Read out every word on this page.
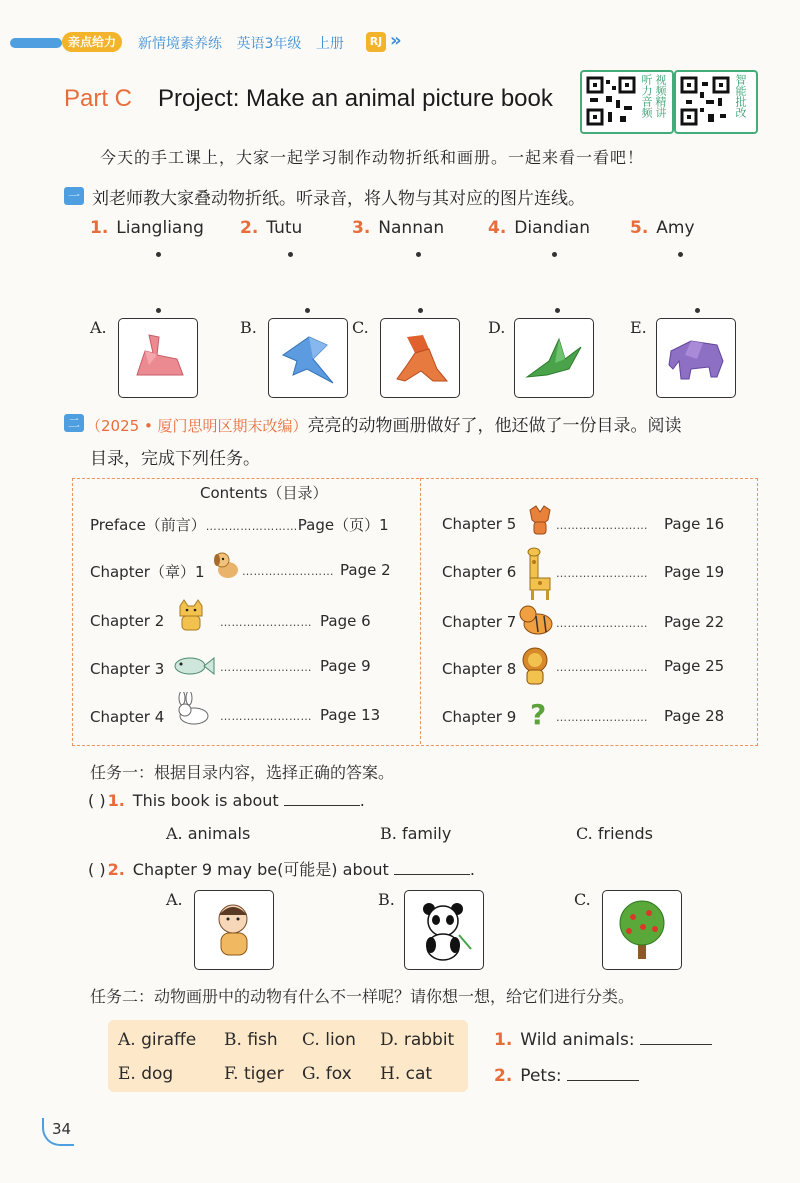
亲点给力	新情境素养练 英语3年级 上册	RJ »
Part C Project: Make an animal picture book	听力音频 视频精讲	智能批改
今天的手工课上，大家一起学习制作动物折纸和画册。一起来看一看吧！
一 刘老师教大家叠动物折纸。听录音，将人物与其对应的图片连线。
1. Liangliang 2. Tutu	3. Nannan	4. Diandian 5. Amy
A.	B.	C.	D.	E.
二 （2025 • 厦门思明区期末改编）亮亮的动物画册做好了，他还做了一份目录。阅读
目录，完成下列任务。
Contents（目录）
Preface（前言）……………………Page（页）1
Chapter（章）1	…………………… Page 2
Chapter 2	…………………… Page 6
Chapter 3	…………………… Page 9
Chapter 4	…………………… Page 13
Chapter 5	…………………… Page 16
Chapter 6	…………………… Page 19
Chapter 7	…………………… Page 22
Chapter 8	…………………… Page 25
Chapter 9 ? …………………… Page 28
任务一：根据目录内容，选择正确的答案。
( ) 1. This book is about	.
A. animals	B. family	C. friends
( ) 2. Chapter 9 may be(可能是) about	.
A.	B.	C.
任务二：动物画册中的动物有什么不一样呢？请你想一想，给它们进行分类。
A. giraffe B. fish C. lion D. rabbit
E. dog	F. tiger G. fox H. cat
1. Wild animals:
2. Pets:
34
